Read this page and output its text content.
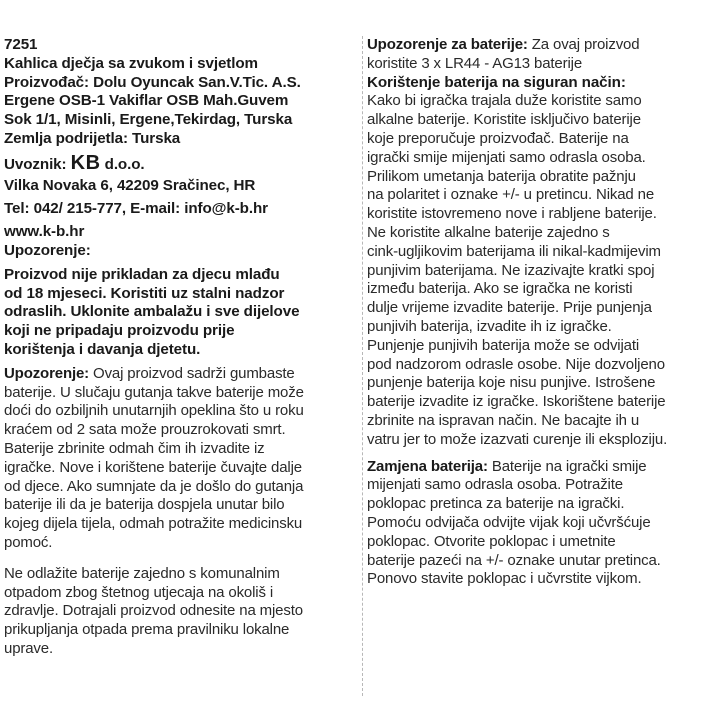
7251
Kahlica dječja sa zvukom i svjetlom
Proizvođač: Dolu Oyuncak San.V.Tic. A.S.
Ergene OSB-1 Vakiflar OSB Mah.Guvem
Sok 1/1, Misinli, Ergene,Tekirdag, Turska
Zemlja podrijetla: Turska
Uvoznik: KB d.o.o.
Vilka Novaka 6, 42209 Sračinec, HR
Tel: 042/ 215-777, E-mail: info@k-b.hr
www.k-b.hr
Upozorenje:
Proizvod nije prikladan za djecu mlađu
od 18 mjeseci. Koristiti uz stalni nadzor
odraslih. Uklonite ambalažu i sve dijelove
koji ne pripadaju proizvodu prije
korištenja i davanja djetetu.
Upozorenje: Ovaj proizvod sadrži gumbaste
baterije. U slučaju gutanja takve baterije može
doći do ozbiljnih unutarnjih opeklina što u roku
kraćem od 2 sata može prouzrokovati smrt.
Baterije zbrinite odmah čim ih izvadite iz
igračke. Nove i korištene baterije čuvajte dalje
od djece. Ako sumnjate da je došlo do gutanja
baterije ili da je baterija dospjela unutar bilo
kojeg dijela tijela, odmah potražite medicinsku
pomoć.
Ne odlažite baterije zajedno s komunalnim
otpadom zbog štetnog utjecaja na okoliš i
zdravlje. Dotrajali proizvod odnesite na mjesto
prikupljanja otpada prema pravilniku lokalne
uprave.
Upozorenje za baterije: Za ovaj proizvod
koristite 3 x LR44 - AG13 baterije
Korištenje baterija na siguran način:
Kako bi igračka trajala duže koristite samo
alkalne baterije. Koristite isključivo baterije
koje preporučuje proizvođač. Baterije na
igrački smije mijenjati samo odrasla osoba.
Prilikom umetanja baterija obratite pažnju
na polaritet i oznake +/- u pretincu. Nikad ne
koristite istovremeno nove i rabljene baterije.
Ne koristite alkalne baterije zajedno s
cink-ugljikovim baterijama ili nikal-kadmijevim
punjivim baterijama. Ne izazivajte kratki spoj
između baterija. Ako se igračka ne koristi
dulje vrijeme izvadite baterije. Prije punjenja
punjivih baterija, izvadite ih iz igračke.
Punjenje punjivih baterija može se odvijati
pod nadzorom odrasle osobe. Nije dozvoljeno
punjenje baterija koje nisu punjive. Istrošene
baterije izvadite iz igračke. Iskorištene baterije
zbrinite na ispravan način. Ne bacajte ih u
vatru jer to može izazvati curenje ili eksploziju.
Zamjena baterija: Baterije na igrački smije
mijenjati samo odrasla osoba. Potražite
poklopac pretinca za baterije na igrački.
Pomoću odvijača odvijte vijak koji učvršćuje
poklopac. Otvorite poklopac i umetnite
baterije pazeći na +/- oznake unutar pretinca.
Ponovo stavite poklopac i učvrstite vijkom.
